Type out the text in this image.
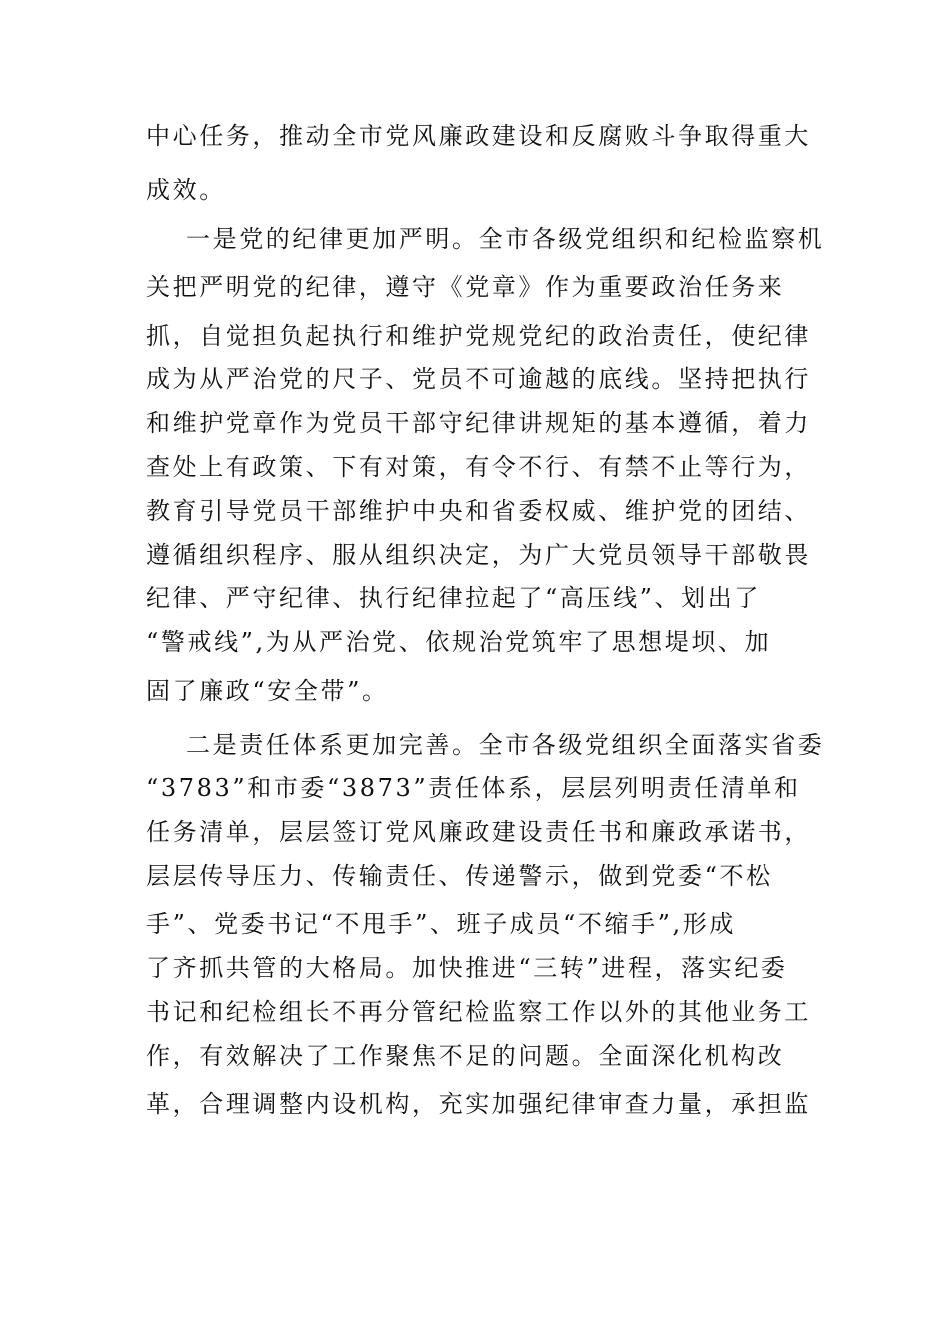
中心任务，推动全市党风廉政建设和反腐败斗争取得重大
成效。
一是党的纪律更加严明。全市各级党组织和纪检监察机
关把严明党的纪律，遵守《党章》作为重要政治任务来
抓，自觉担负起执行和维护党规党纪的政治责任，使纪律
成为从严治党的尺子、党员不可逾越的底线。坚持把执行
和维护党章作为党员干部守纪律讲规矩的基本遵循，着力
查处上有政策、下有对策，有令不行、有禁不止等行为，
教育引导党员干部维护中央和省委权威、维护党的团结、
遵循组织程序、服从组织决定，为广大党员领导干部敬畏
纪律、严守纪律、执行纪律拉起了“高压线”、划出了
“警戒线”,为从严治党、依规治党筑牢了思想堤坝、加
固了廉政“安全带”。
二是责任体系更加完善。全市各级党组织全面落实省委
“3783”和市委“3873”责任体系，层层列明责任清单和
任务清单，层层签订党风廉政建设责任书和廉政承诺书，
层层传导压力、传输责任、传递警示，做到党委“不松
手”、党委书记“不甩手”、班子成员“不缩手”,形成
了齐抓共管的大格局。加快推进“三转”进程，落实纪委
书记和纪检组长不再分管纪检监察工作以外的其他业务工
作，有效解决了工作聚焦不足的问题。全面深化机构改
革，合理调整内设机构，充实加强纪律审查力量，承担监
